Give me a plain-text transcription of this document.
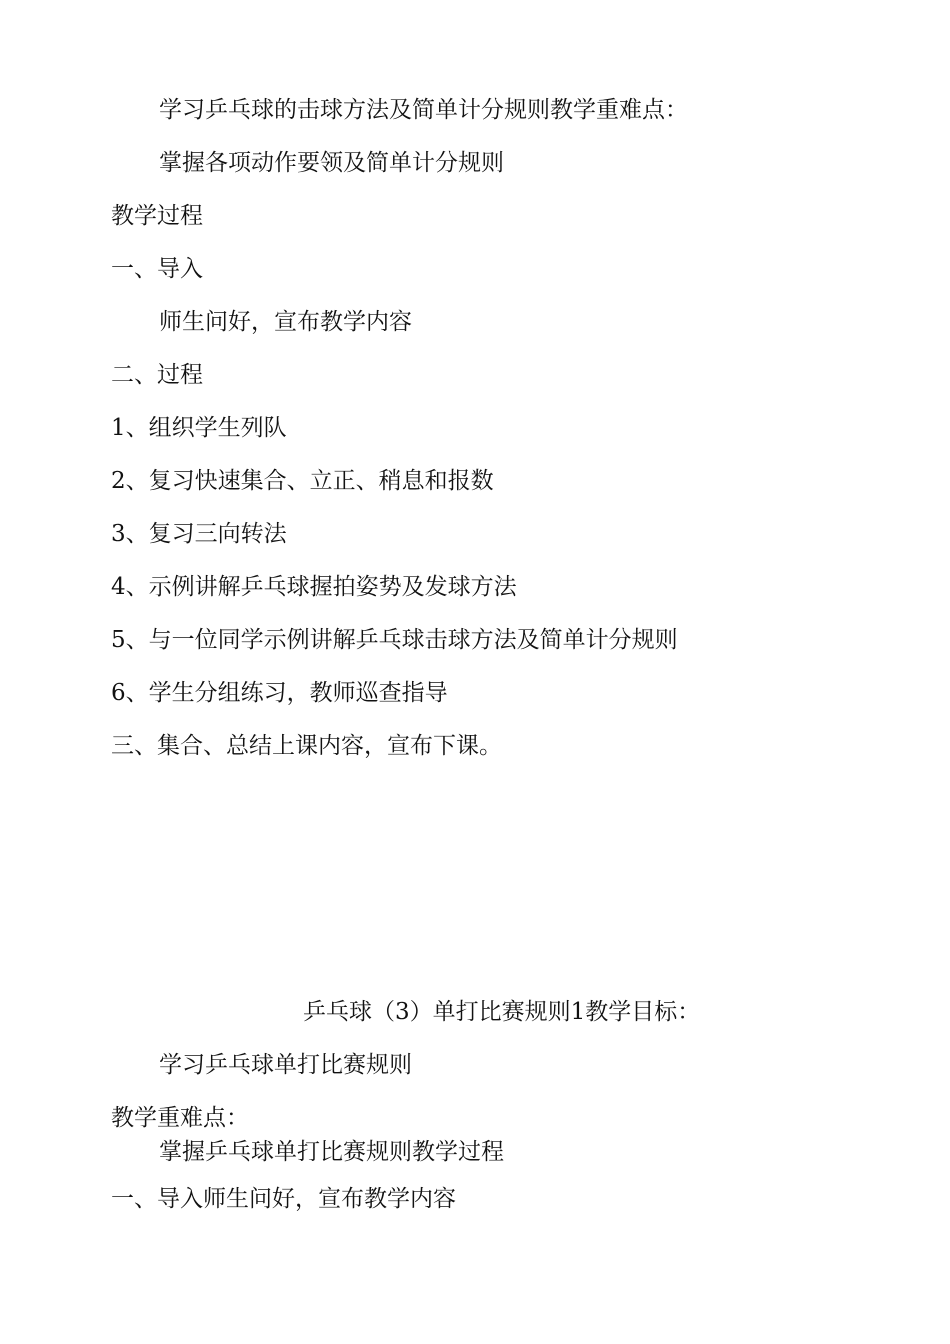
学习乒乓球的击球方法及简单计分规则教学重难点：
掌握各项动作要领及简单计分规则
教学过程
一、导入
师生问好，宣布教学内容
二、过程
1、组织学生列队
2、复习快速集合、立正、稍息和报数
3、复习三向转法
4、示例讲解乒乓球握拍姿势及发球方法
5、与一位同学示例讲解乒乓球击球方法及简单计分规则
6、学生分组练习，教师巡查指导
三、集合、总结上课内容，宣布下课。
乒乓球（3）单打比赛规则1教学目标：
学习乒乓球单打比赛规则
教学重难点：
掌握乒乓球单打比赛规则教学过程
一、导入师生问好，宣布教学内容
